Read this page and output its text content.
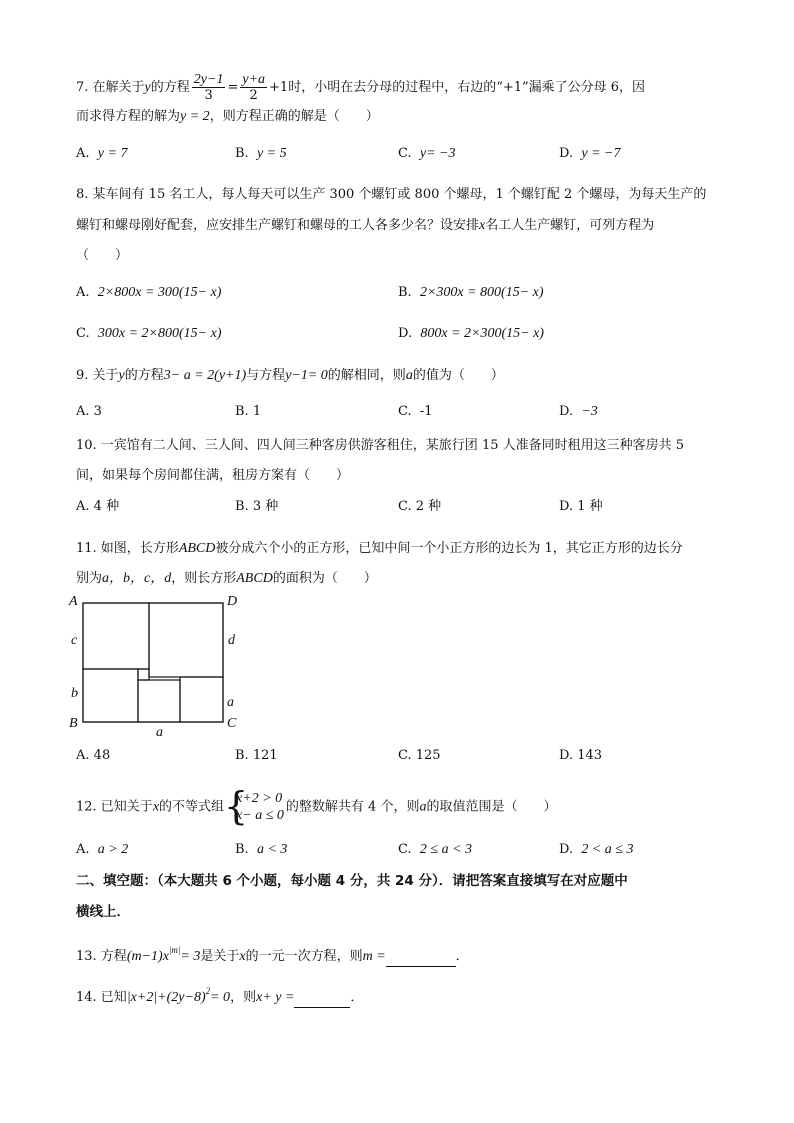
7. 在解关于y的方程 $\frac{2y-1}{3} = \frac{y+a}{2} +1$时，小明在去分母的过程中，右边的“+1”漏乘了公分母 6，因
而求得方程的解为y = 2，则方程正确的解是（　　）
A. y = 7	B. y = 5	C. y= −3	D. y = −7
8. 某车间有 15 名工人，每人每天可以生产 300 个螺钉或 800 个螺母，1 个螺钉配 2 个螺母，为每天生产的
螺钉和螺母刚好配套，应安排生产螺钉和螺母的工人各多少名？设安排x名工人生产螺钉，可列方程为
（　　）
A. 2×800x = 300(15− x)	B. 2×300x = 800(15− x)
C. 300x = 2×800(15− x)	D. 800x = 2×300(15− x)
9. 关于y的方程3− a = 2(y+1)与方程y−1= 0的解相同，则a的值为（　　）
A. 3	B. 1	C. -1	D. −3
10. 一宾馆有二人间、三人间、四人间三种客房供游客租住，某旅行团 15 人准备同时租用这三种客房共 5
间，如果每个房间都住满，租房方案有（　　）
A. 4 种	B. 3 种	C. 2 种	D. 1 种
11. 如图，长方形ABCD被分成六个小的正方形，已知中间一个小正方形的边长为 1，其它正方形的边长分
别为a，b，c，d，则长方形ABCD的面积为（　　）
A	D
c	d
b
a
B	C
a
A. 48	B. 121	C. 125	D. 143
12. 已知关于x的不等式组 {
x+2 > 0
x− a ≤ 0
的整数解共有 4 个，则a的取值范围是（　　）
A. a > 2	B. a < 3	C. 2 ≤ a < 3	D. 2 < a ≤ 3
二、填空题：（本大题共 6 个小题，每小题 4 分，共 24 分）．请把答案直接填写在对应题中
横线上．
13. 方程$(m-1)x^{|m|}= 3$是关于x的一元一次方程，则m =	．
14. 已知$|x+2|+(2y-8)^2= 0$，则x+ y =	．
